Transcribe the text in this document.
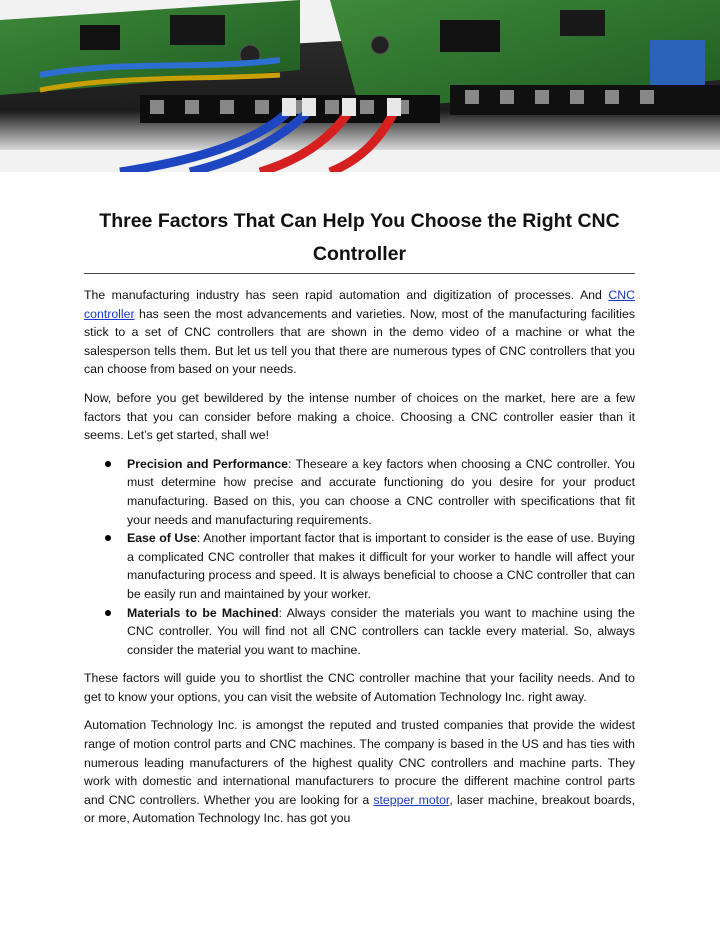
Three Factors That Can Help You Choose the Right CNC Controller

The manufacturing industry has seen rapid automation and digitization of processes. And CNC controller has seen the most advancements and varieties. Now, most of the manufacturing facilities stick to a set of CNC controllers that are shown in the demo video of a machine or what the salesperson tells them. But let us tell you that there are numerous types of CNC controllers that you can choose from based on your needs.

Now, before you get bewildered by the intense number of choices on the market, here are a few factors that you can consider before making a choice. Choosing a CNC controller easier than it seems. Let’s get started, shall we!

Precision and Performance: Theseare a key factors when choosing a CNC controller. You must determine how precise and accurate functioning do you desire for your product manufacturing. Based on this, you can choose a CNC controller with specifications that fit your needs and manufacturing requirements.
Ease of Use: Another important factor that is important to consider is the ease of use. Buying a complicated CNC controller that makes it difficult for your worker to handle will affect your manufacturing process and speed. It is always beneficial to choose a CNC controller that can be easily run and maintained by your worker.
Materials to be Machined: Always consider the materials you want to machine using the CNC controller. You will find not all CNC controllers can tackle every material. So, always consider the material you want to machine.

These factors will guide you to shortlist the CNC controller machine that your facility needs. And to get to know your options, you can visit the website of Automation Technology Inc. right away.

Automation Technology Inc. is amongst the reputed and trusted companies that provide the widest range of motion control parts and CNC machines. The company is based in the US and has ties with numerous leading manufacturers of the highest quality CNC controllers and machine parts. They work with domestic and international manufacturers to procure the different machine control parts and CNC controllers. Whether you are looking for a stepper motor, laser machine, breakout boards, or more, Automation Technology Inc. has got you
